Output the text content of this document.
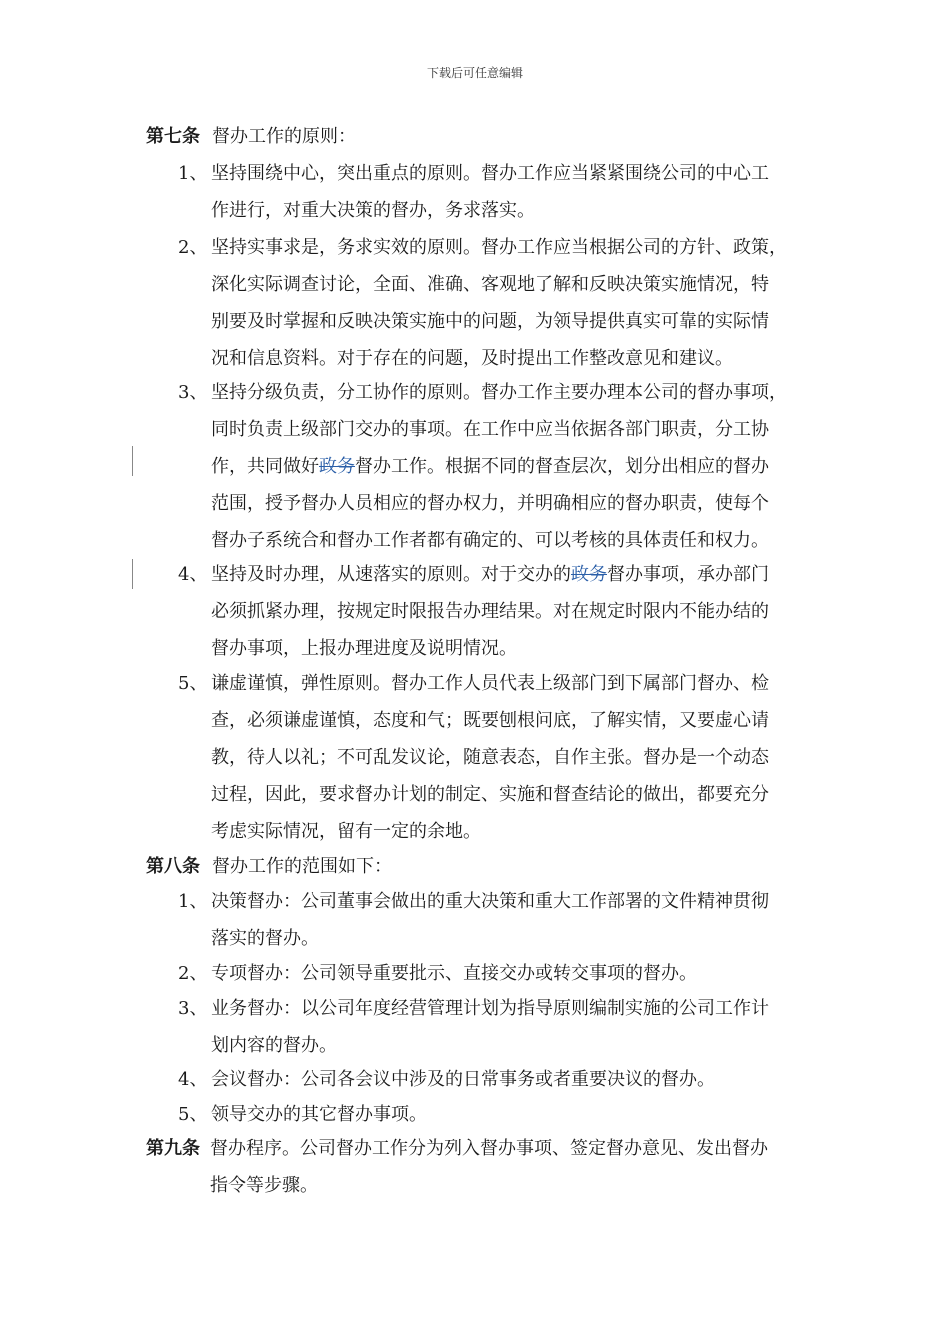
下载后可任意编辑
第七条 督办工作的原则：
1、 坚持围绕中心，突出重点的原则。督办工作应当紧紧围绕公司的中心工
作进行，对重大决策的督办，务求落实。
2、 坚持实事求是，务求实效的原则。督办工作应当根据公司的方针、政策，
深化实际调查讨论，全面、准确、客观地了解和反映决策实施情况，特
别要及时掌握和反映决策实施中的问题，为领导提供真实可靠的实际情
况和信息资料。对于存在的问题，及时提出工作整改意见和建议。
3、 坚持分级负责，分工协作的原则。督办工作主要办理本公司的督办事项，
同时负责上级部门交办的事项。在工作中应当依据各部门职责，分工协
作，共同做好政务督办工作。根据不同的督查层次，划分出相应的督办
范围，授予督办人员相应的督办权力，并明确相应的督办职责，使每个
督办子系统合和督办工作者都有确定的、可以考核的具体责任和权力。
4、 坚持及时办理，从速落实的原则。对于交办的政务督办事项，承办部门
必须抓紧办理，按规定时限报告办理结果。对在规定时限内不能办结的
督办事项，上报办理进度及说明情况。
5、 谦虚谨慎，弹性原则。督办工作人员代表上级部门到下属部门督办、检
查，必须谦虚谨慎，态度和气；既要刨根问底，了解实情，又要虚心请
教，待人以礼；不可乱发议论，随意表态，自作主张。督办是一个动态
过程，因此，要求督办计划的制定、实施和督查结论的做出，都要充分
考虑实际情况，留有一定的余地。
第八条 督办工作的范围如下：
1、 决策督办：公司董事会做出的重大决策和重大工作部署的文件精神贯彻
落实的督办。
2、 专项督办：公司领导重要批示、直接交办或转交事项的督办。
3、 业务督办：以公司年度经营管理计划为指导原则编制实施的公司工作计
划内容的督办。
4、 会议督办：公司各会议中涉及的日常事务或者重要决议的督办。
5、 领导交办的其它督办事项。
第九条 督办程序。公司督办工作分为列入督办事项、签定督办意见、发出督办
指令等步骤。
